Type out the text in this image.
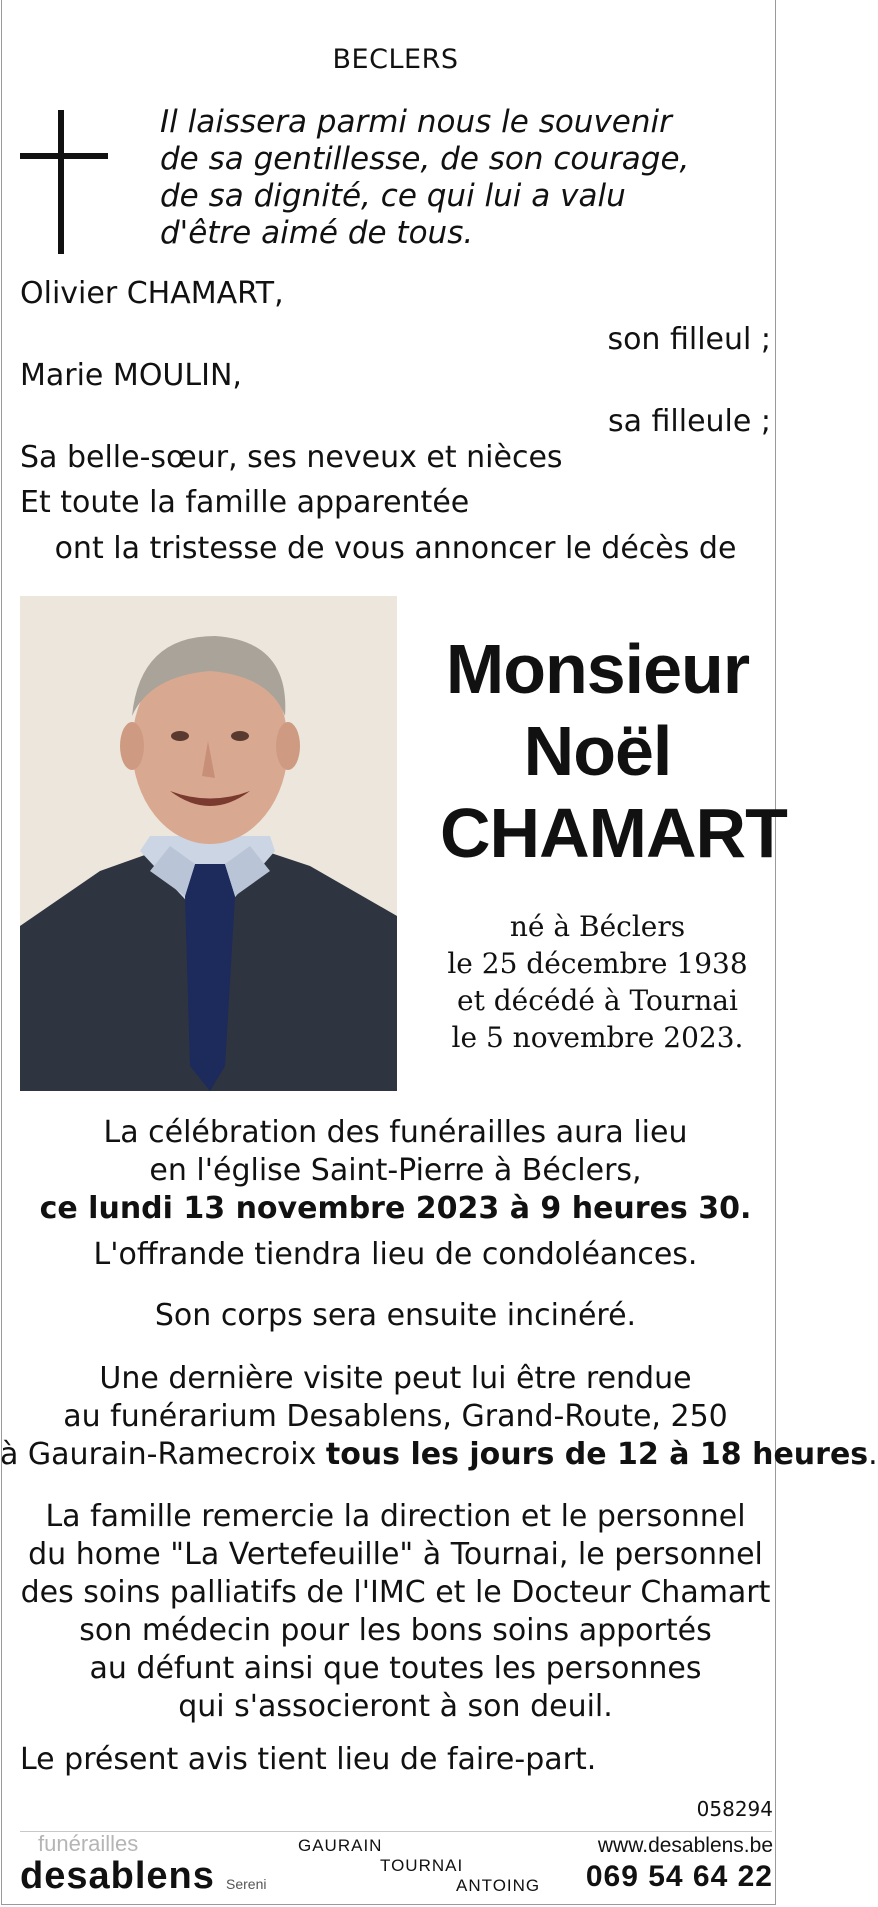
BECLERS
Il laissera parmi nous le souvenir
de sa gentillesse, de son courage,
de sa dignité, ce qui lui a valu
d'être aimé de tous.
Olivier CHAMART,
son filleul ;
Marie MOULIN,
sa filleule ;
Sa belle-sœur, ses neveux et nièces
Et toute la famille apparentée
ont la tristesse de vous annoncer le décès de
Monsieur
Noël
CHAMART
né à Béclers
le 25 décembre 1938
et décédé à Tournai
le 5 novembre 2023.
La célébration des funérailles aura lieu
en l'église Saint-Pierre à Béclers,
ce lundi 13 novembre 2023 à 9 heures 30.
L'offrande tiendra lieu de condoléances.
Son corps sera ensuite incinéré.
Une dernière visite peut lui être rendue
au funérarium Desablens, Grand-Route, 250
à Gaurain-Ramecroix tous les jours de 12 à 18 heures.
La famille remercie la direction et le personnel
du home "La Vertefeuille" à Tournai, le personnel
des soins palliatifs de l'IMC et le Docteur Chamart
son médecin pour les bons soins apportés
au défunt ainsi que toutes les personnes
qui s'associeront à son deuil.
Le présent avis tient lieu de faire-part.
058294
funérailles
desablens Sereni
GAURAIN
TOURNAI
ANTOING
www.desablens.be
069 54 64 22
